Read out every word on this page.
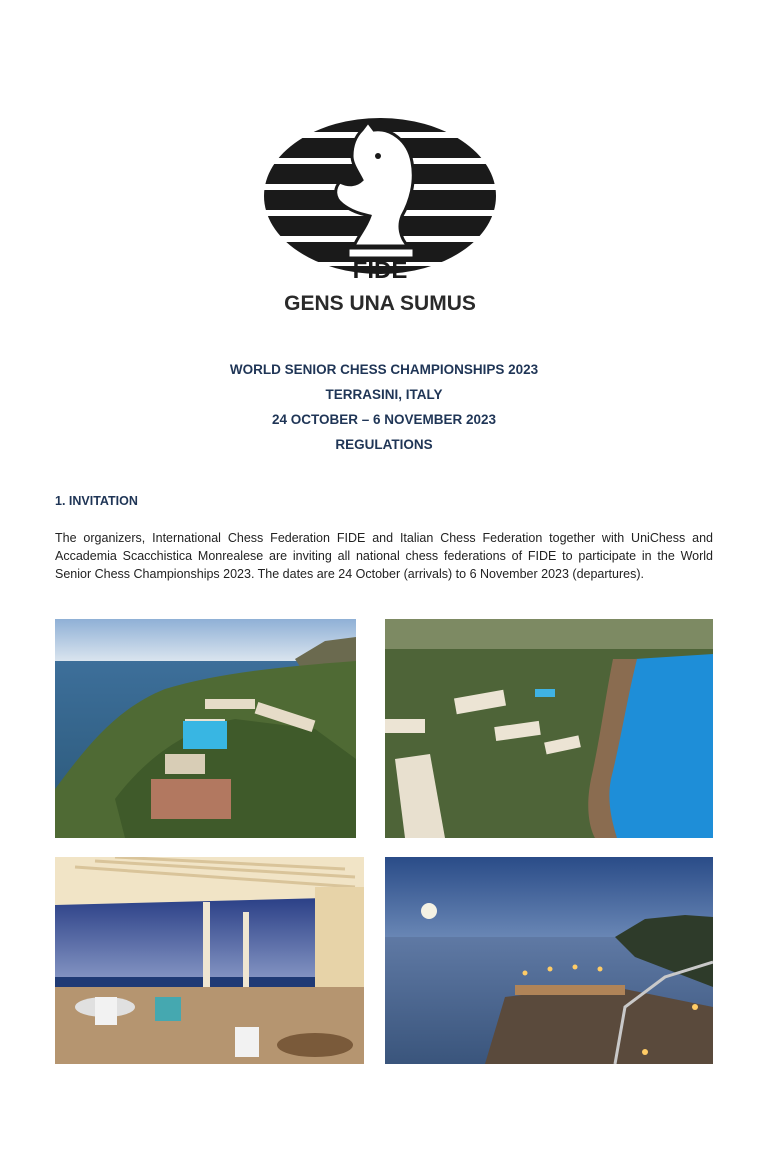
FIDE
GENS UNA SUMUS
WORLD SENIOR CHESS CHAMPIONSHIPS 2023
TERRASINI, ITALY
24 OCTOBER – 6 NOVEMBER 2023
REGULATIONS
1. INVITATION
The organizers, International Chess Federation FIDE and Italian Chess Federation together with UniChess and Accademia Scacchistica Monrealese are inviting all national chess federations of FIDE to participate in the World Senior Chess Championships 2023. The dates are 24 October (arrivals) to 6 November 2023 (departures).
